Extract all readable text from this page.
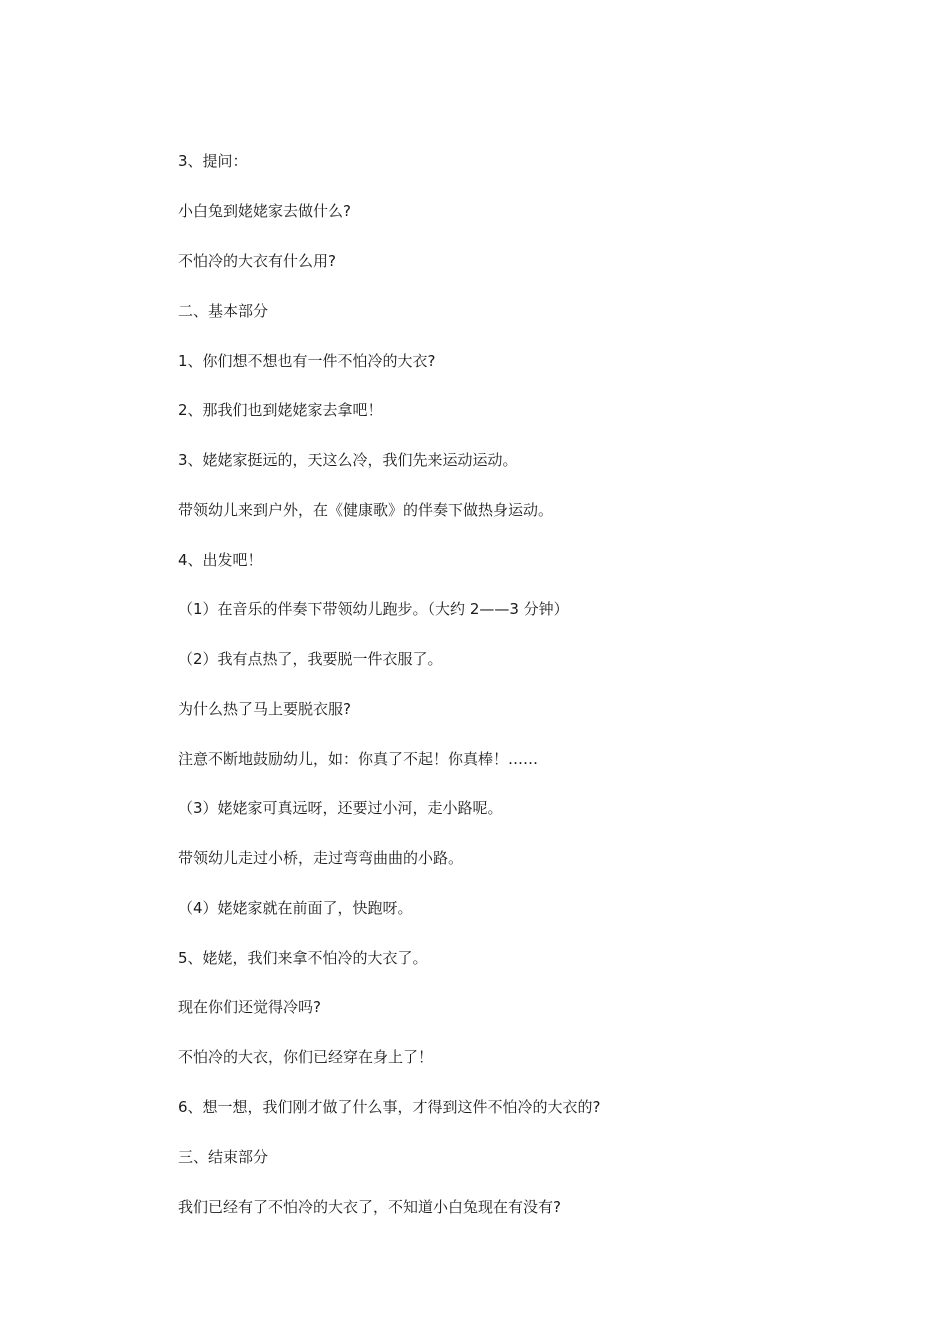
3、提问：
小白兔到姥姥家去做什么?
不怕冷的大衣有什么用?
二、基本部分
1、你们想不想也有一件不怕冷的大衣?
2、那我们也到姥姥家去拿吧！
3、姥姥家挺远的，天这么冷，我们先来运动运动。
带领幼儿来到户外，在《健康歌》的伴奏下做热身运动。
4、出发吧！
（1）在音乐的伴奏下带领幼儿跑步。（大约 2——3 分钟）
（2）我有点热了，我要脱一件衣服了。
为什么热了马上要脱衣服?
注意不断地鼓励幼儿，如：你真了不起！你真棒！……
（3）姥姥家可真远呀，还要过小河，走小路呢。
带领幼儿走过小桥，走过弯弯曲曲的小路。
（4）姥姥家就在前面了，快跑呀。
5、姥姥，我们来拿不怕冷的大衣了。
现在你们还觉得冷吗?
不怕冷的大衣，你们已经穿在身上了！
6、想一想，我们刚才做了什么事，才得到这件不怕冷的大衣的?
三、结束部分
我们已经有了不怕冷的大衣了，不知道小白兔现在有没有?
